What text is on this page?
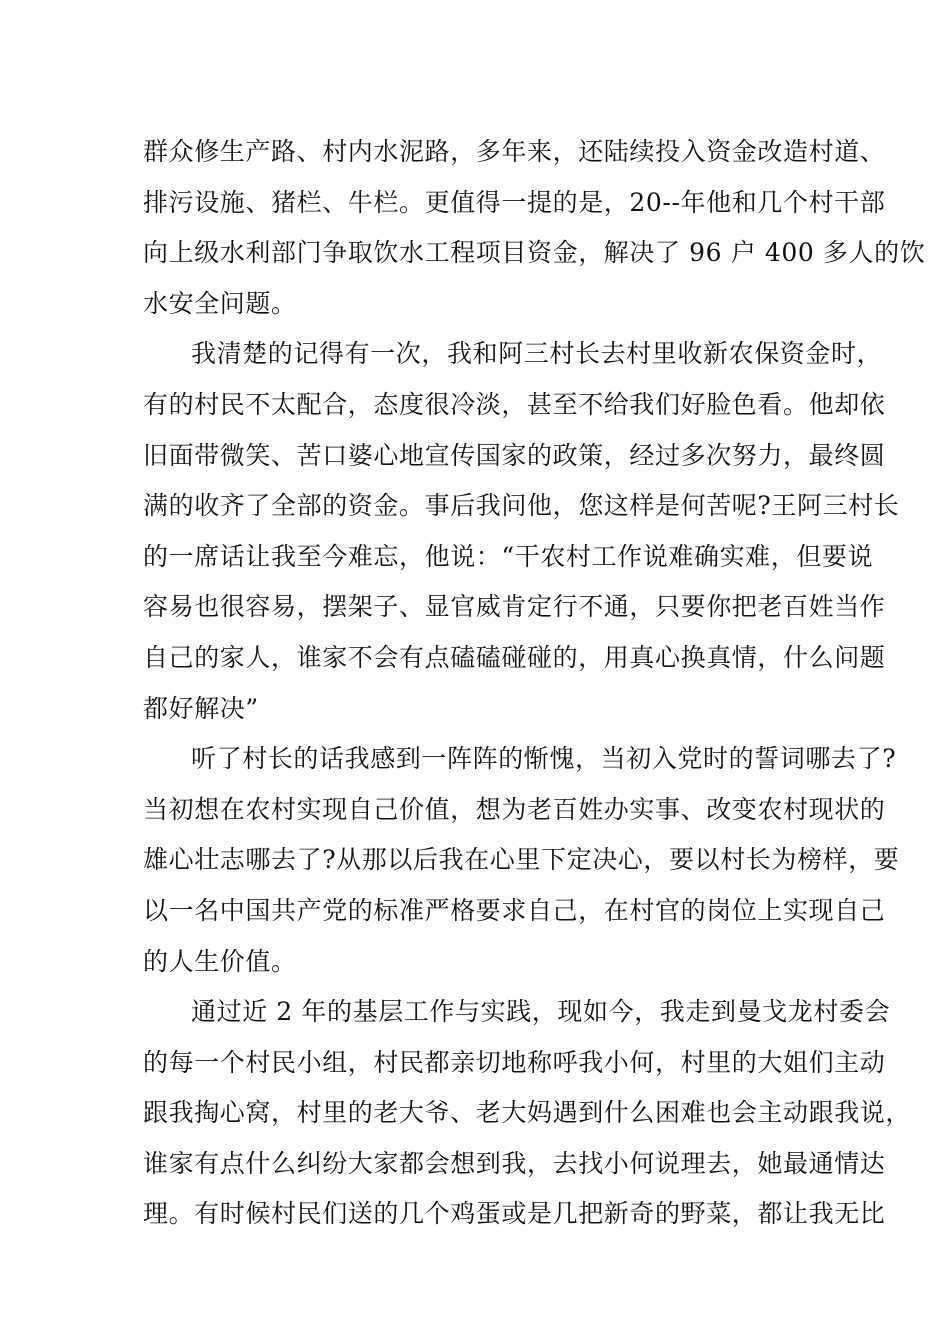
群众修生产路、村内水泥路，多年来，还陆续投入资金改造村道、
排污设施、猪栏、牛栏。更值得一提的是，20--年他和几个村干部
向上级水利部门争取饮水工程项目资金，解决了 96 户 400 多人的饮
水安全问题。
我清楚的记得有一次，我和阿三村长去村里收新农保资金时，
有的村民不太配合，态度很冷淡，甚至不给我们好脸色看。他却依
旧面带微笑、苦口婆心地宣传国家的政策，经过多次努力，最终圆
满的收齐了全部的资金。事后我问他，您这样是何苦呢?王阿三村长
的一席话让我至今难忘，他说：“干农村工作说难确实难，但要说
容易也很容易，摆架子、显官威肯定行不通，只要你把老百姓当作
自己的家人，谁家不会有点磕磕碰碰的，用真心换真情，什么问题
都好解决”
听了村长的话我感到一阵阵的惭愧，当初入党时的誓词哪去了?
当初想在农村实现自己价值，想为老百姓办实事、改变农村现状的
雄心壮志哪去了?从那以后我在心里下定决心，要以村长为榜样，要
以一名中国共产党的标准严格要求自己，在村官的岗位上实现自己
的人生价值。
通过近 2 年的基层工作与实践，现如今，我走到曼戈龙村委会
的每一个村民小组，村民都亲切地称呼我小何，村里的大姐们主动
跟我掏心窝，村里的老大爷、老大妈遇到什么困难也会主动跟我说，
谁家有点什么纠纷大家都会想到我，去找小何说理去，她最通情达
理。有时候村民们送的几个鸡蛋或是几把新奇的野菜，都让我无比
